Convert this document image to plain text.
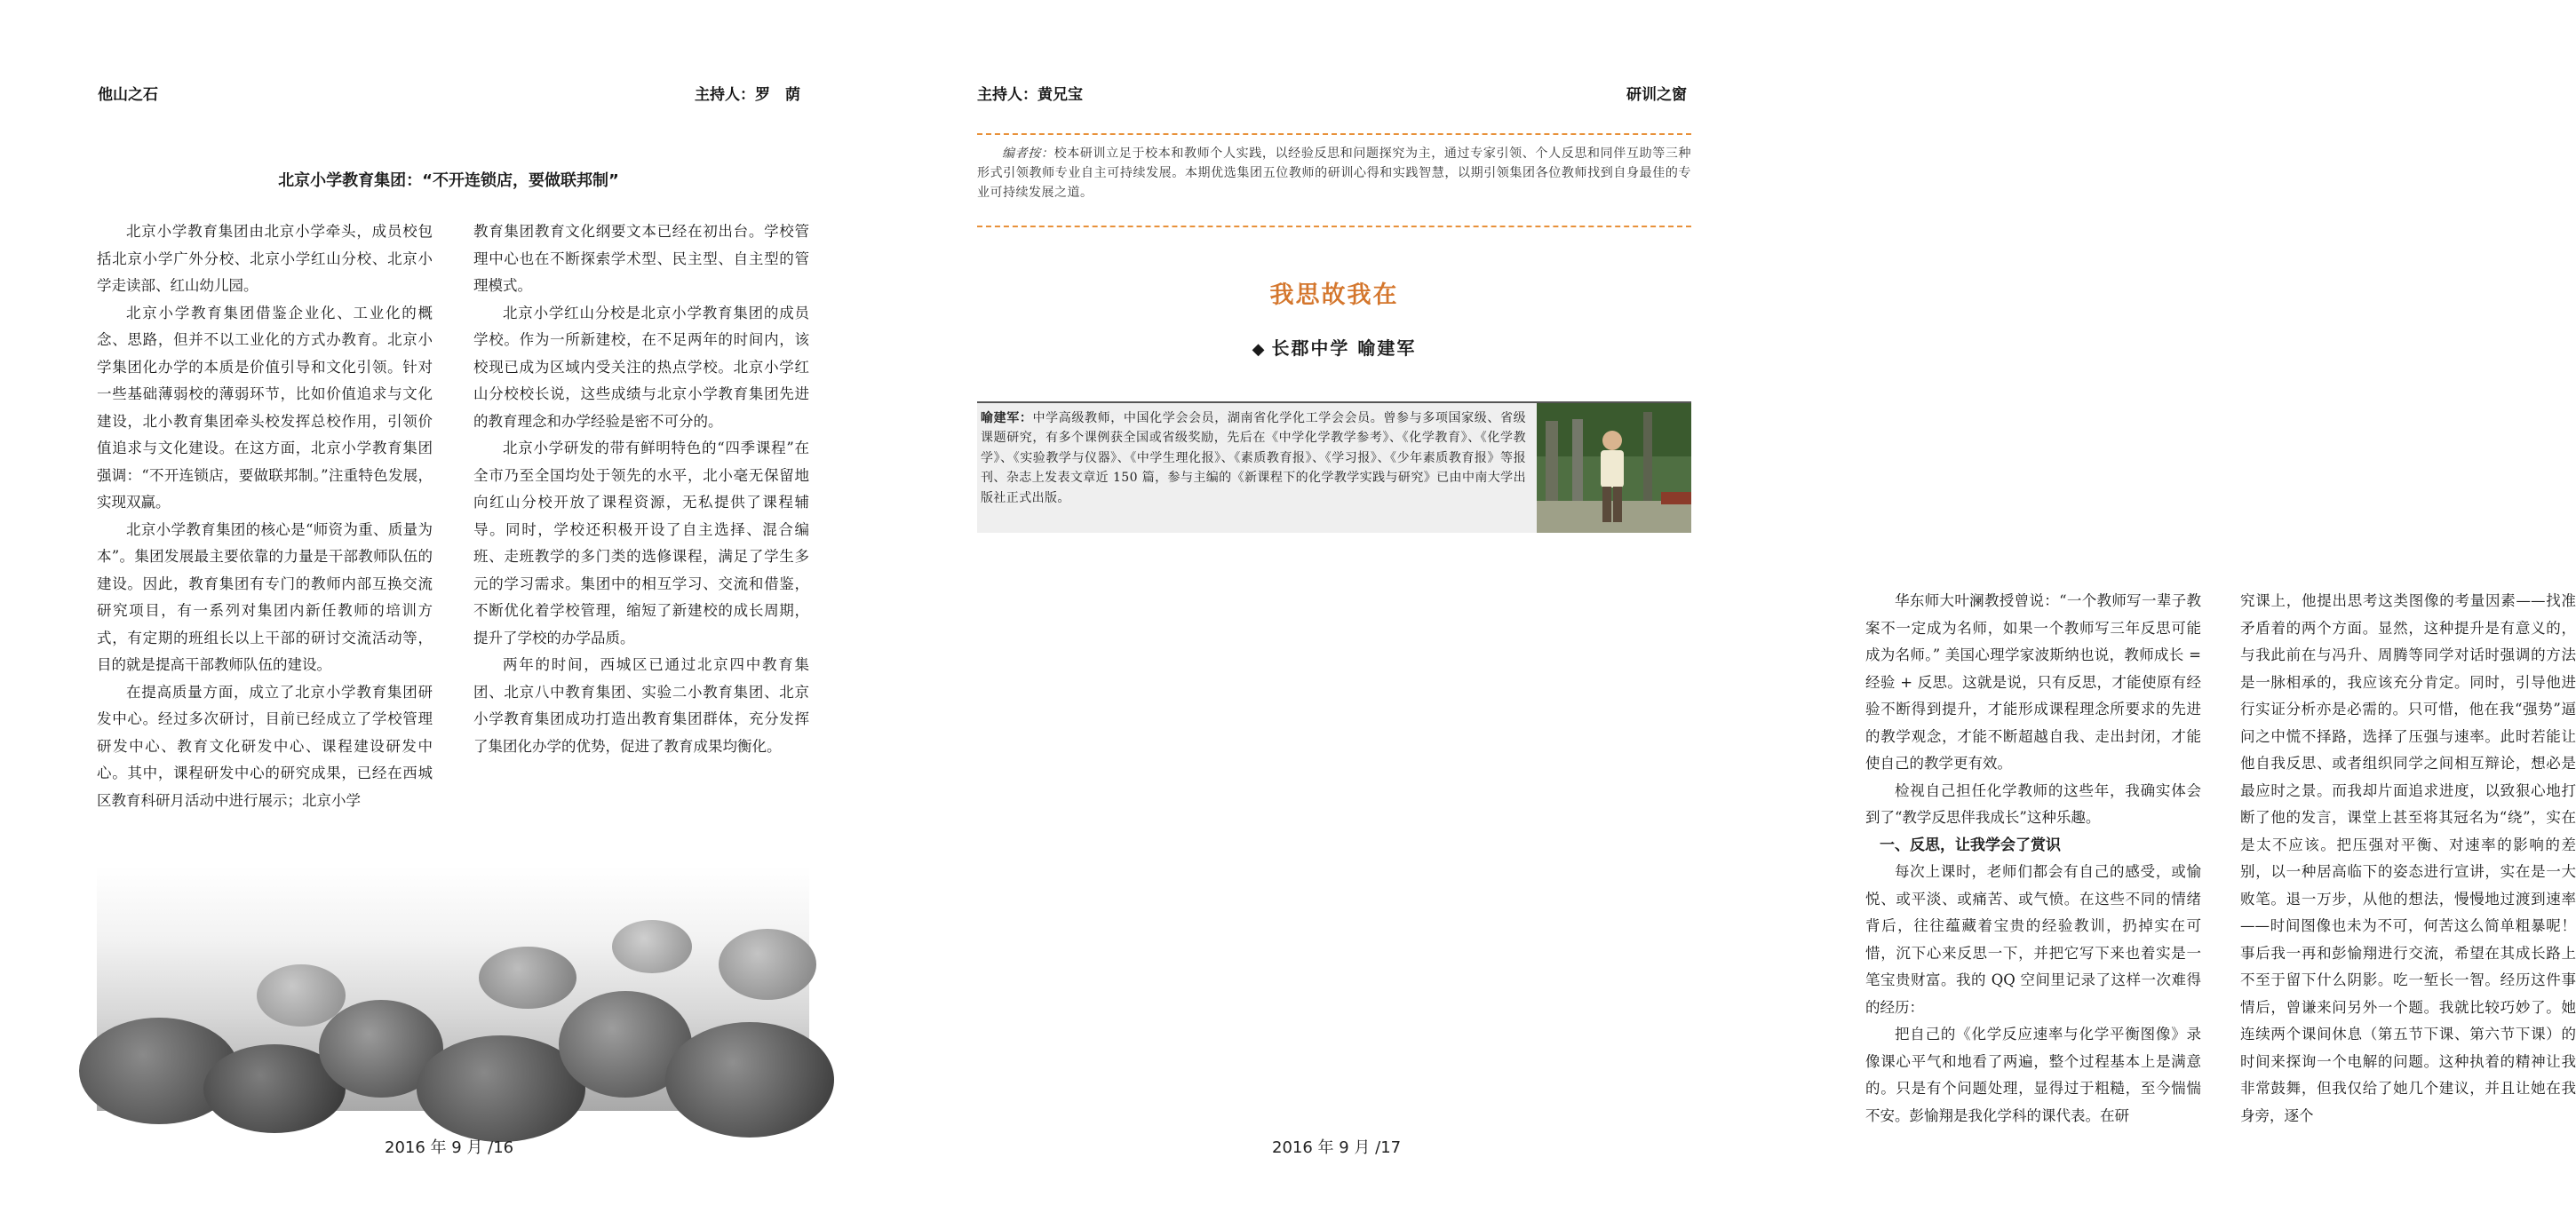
他山之石	主持人：罗　荫
北京小学教育集团：“不开连锁店，要做联邦制”

北京小学教育集团由北京小学牵头，成员校包括北京小学广外分校、北京小学红山分校、北京小学走读部、红山幼儿园。

北京小学教育集团借鉴企业化、工业化的概念、思路，但并不以工业化的方式办教育。北京小学集团化办学的本质是价值引导和文化引领。针对一些基础薄弱校的薄弱环节，比如价值追求与文化建设，北小教育集团牵头校发挥总校作用，引领价值追求与文化建设。在这方面，北京小学教育集团强调：“不开连锁店，要做联邦制。”注重特色发展，实现双赢。

北京小学教育集团的核心是“师资为重、质量为本”。集团发展最主要依靠的力量是干部教师队伍的建设。因此，教育集团有专门的教师内部互换交流研究项目，有一系列对集团内新任教师的培训方式，有定期的班组长以上干部的研讨交流活动等，目的就是提高干部教师队伍的建设。

在提高质量方面，成立了北京小学教育集团研发中心。经过多次研讨，目前已经成立了学校管理研发中心、教育文化研发中心、课程建设研发中心。其中，课程研发中心的研究成果，已经在西城区教育科研月活动中进行展示；北京小学

教育集团教育文化纲要文本已经在初出台。学校管理中心也在不断探索学术型、民主型、自主型的管理模式。

北京小学红山分校是北京小学教育集团的成员学校。作为一所新建校，在不足两年的时间内，该校现已成为区域内受关注的热点学校。北京小学红山分校校长说，这些成绩与北京小学教育集团先进的教育理念和办学经验是密不可分的。

北京小学研发的带有鲜明特色的“四季课程”在全市乃至全国均处于领先的水平，北小毫无保留地向红山分校开放了课程资源，无私提供了课程辅导。同时，学校还积极开设了自主选择、混合编班、走班教学的多门类的选修课程，满足了学生多元的学习需求。集团中的相互学习、交流和借鉴，不断优化着学校管理，缩短了新建校的成长周期，提升了学校的办学品质。

两年的时间，西城区已通过北京四中教育集团、北京八中教育集团、实验二小教育集团、北京小学教育集团成功打造出教育集团群体，充分发挥了集团化办学的优势，促进了教育成果均衡化。

2016 年 9 月 /16
主持人：黄兄宝	研训之窗

编者按：校本研训立足于校本和教师个人实践，以经验反思和问题探究为主，通过专家引领、个人反思和同伴互助等三种形式引领教师专业自主可持续发展。本期优选集团五位教师的研训心得和实践智慧，以期引领集团各位教师找到自身最佳的专业可持续发展之道。

我思故我在
◆ 长郡中学 喻建军
喻建军：中学高级教师，中国化学会会员，湖南省化学化工学会会员。曾参与多项国家级、省级课题研究，有多个课例获全国或省级奖励，先后在《中学化学教学参考》、《化学教育》、《化学教学》、《实验教学与仪器》、《中学生理化报》、《素质教育报》、《学习报》、《少年素质教育报》等报刊、杂志上发表文章近 150 篇，参与主编的《新课程下的化学教学实践与研究》已由中南大学出版社正式出版。

华东师大叶澜教授曾说：“一个教师写一辈子教案不一定成为名师，如果一个教师写三年反思可能成为名师。” 美国心理学家波斯纳也说，教师成长 = 经验 + 反思。这就是说，只有反思，才能使原有经验不断得到提升，才能形成课程理念所要求的先进的教学观念，才能不断超越自我、走出封闭，才能使自己的教学更有效。

检视自己担任化学教师的这些年，我确实体会到了“教学反思伴我成长”这种乐趣。

一、反思，让我学会了赏识

每次上课时，老师们都会有自己的感受，或愉悦、或平淡、或痛苦、或气愤。在这些不同的情绪背后，往往蕴藏着宝贵的经验教训，扔掉实在可惜，沉下心来反思一下，并把它写下来也着实是一笔宝贵财富。我的 QQ 空间里记录了这样一次难得的经历：

把自己的《化学反应速率与化学平衡图像》录像课心平气和地看了两遍，整个过程基本上是满意的。只是有个问题处理，显得过于粗糙，至今惴惴不安。彭愉翔是我化学科的课代表。在研

究课上，他提出思考这类图像的考量因素——找准矛盾着的两个方面。显然，这种提升是有意义的，与我此前在与冯升、周腾等同学对话时强调的方法是一脉相承的，我应该充分肯定。同时，引导他进行实证分析亦是必需的。只可惜，他在我“强势”逼问之中慌不择路，选择了压强与速率。此时若能让他自我反思、或者组织同学之间相互辩论，想必是最应时之景。而我却片面追求进度，以致狠心地打断了他的发言，课堂上甚至将其冠名为“绕”，实在是太不应该。把压强对平衡、对速率的影响的差别，以一种居高临下的姿态进行宣讲，实在是一大败笔。退一万步，从他的想法，慢慢地过渡到速率——时间图像也未为不可，何苦这么简单粗暴呢！事后我一再和彭愉翔进行交流，希望在其成长路上不至于留下什么阴影。吃一堑长一智。经历这件事情后，曾谦来问另外一个题。我就比较巧妙了。她连续两个课间休息（第五节下课、第六节下课）的时间来探询一个电解的问题。这种执着的精神让我非常鼓舞，但我仅给了她几个建议，并且让她在我身旁，逐个

2016 年 9 月 /17
